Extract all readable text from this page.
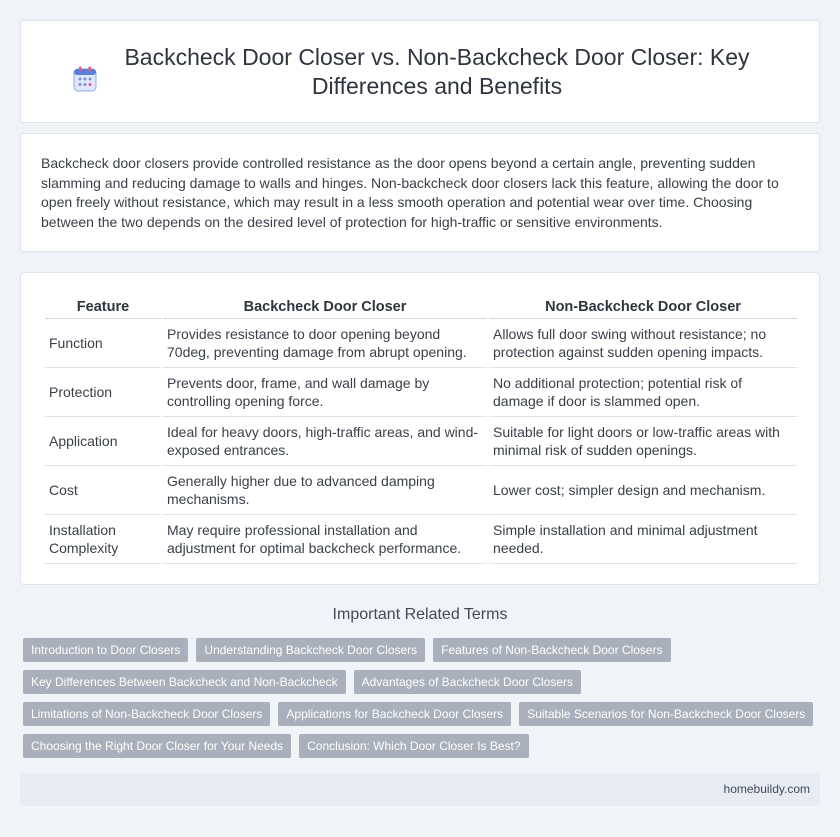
Backcheck Door Closer vs. Non-Backcheck Door Closer: Key Differences and Benefits

Backcheck door closers provide controlled resistance as the door opens beyond a certain angle, preventing sudden slamming and reducing damage to walls and hinges. Non-backcheck door closers lack this feature, allowing the door to open freely without resistance, which may result in a less smooth operation and potential wear over time. Choosing between the two depends on the desired level of protection for high-traffic or sensitive environments.

Feature	Backcheck Door Closer	Non-Backcheck Door Closer
Function	Provides resistance to door opening beyond 70deg, preventing damage from abrupt opening.	Allows full door swing without resistance; no protection against sudden opening impacts.
Protection	Prevents door, frame, and wall damage by controlling opening force.	No additional protection; potential risk of damage if door is slammed open.
Application	Ideal for heavy doors, high-traffic areas, and wind-exposed entrances.	Suitable for light doors or low-traffic areas with minimal risk of sudden openings.
Cost	Generally higher due to advanced damping mechanisms.	Lower cost; simpler design and mechanism.
Installation Complexity	May require professional installation and adjustment for optimal backcheck performance.	Simple installation and minimal adjustment needed.
Important Related Terms
Introduction to Door Closers	Understanding Backcheck Door Closers	Features of Non-Backcheck Door Closers
Key Differences Between Backcheck and Non-Backcheck	Advantages of Backcheck Door Closers
Limitations of Non-Backcheck Door Closers	Applications for Backcheck Door Closers	Suitable Scenarios for Non-Backcheck Door Closers
Choosing the Right Door Closer for Your Needs	Conclusion: Which Door Closer Is Best?
homebuildy.com
